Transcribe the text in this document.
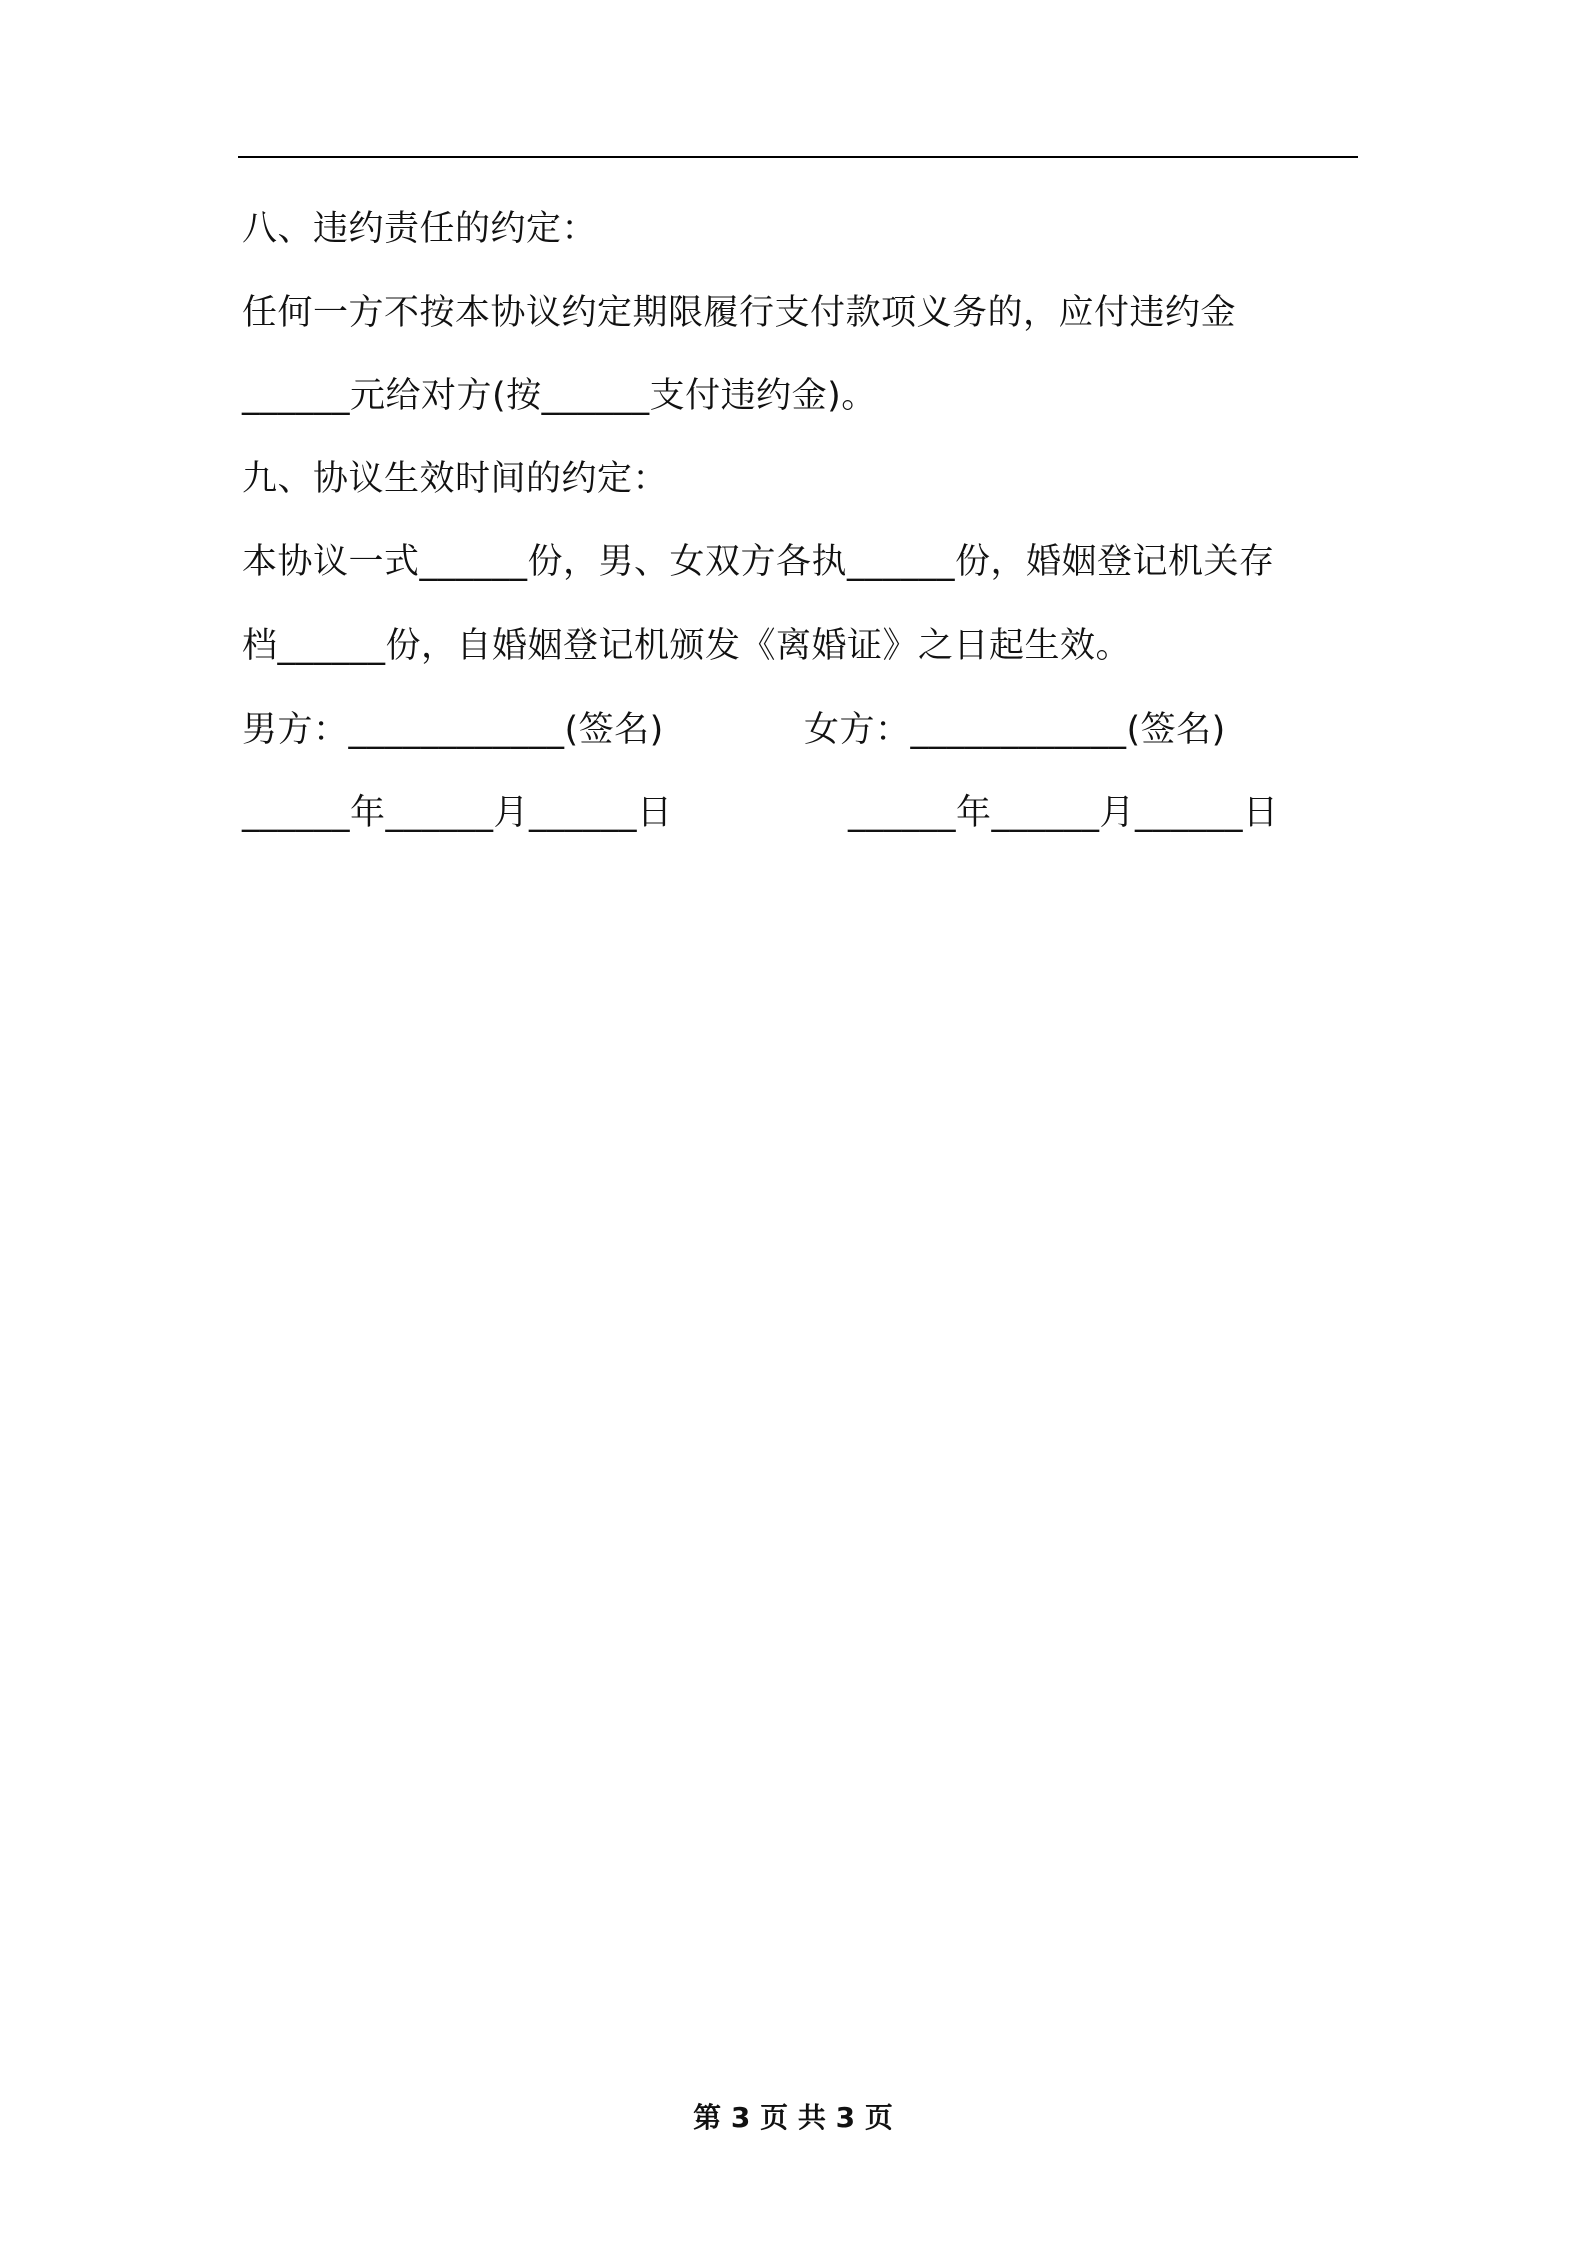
八、违约责任的约定：
任何一方不按本协议约定期限履行支付款项义务的，应付违约金
______元给对方(按______支付违约金)。
九、协议生效时间的约定：
本协议一式______份，男、女双方各执______份，婚姻登记机关存
档______份，自婚姻登记机颁发《离婚证》之日起生效。
男方：____________(签名)	女方：____________(签名)
______年______月______日	______年______月______日
第 3 页 共 3 页
